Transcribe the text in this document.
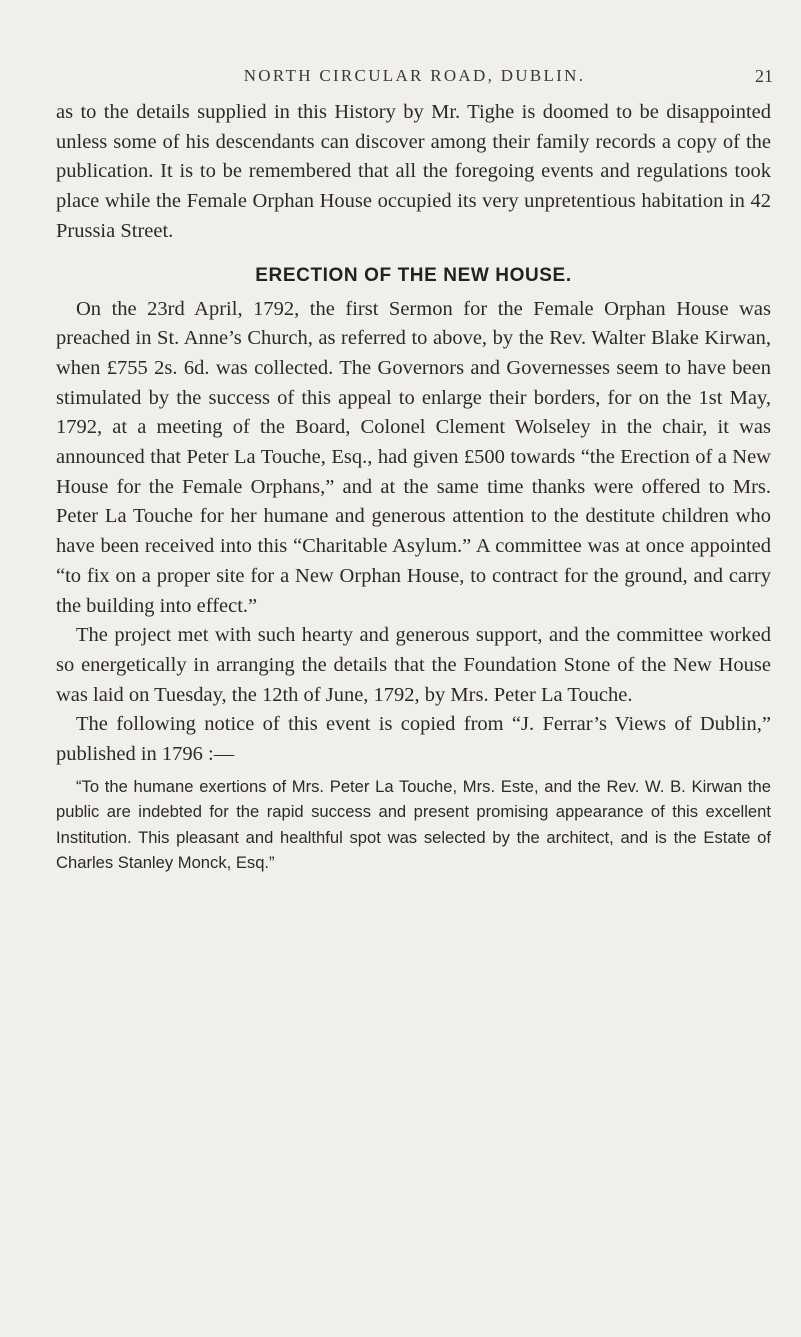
NORTH CIRCULAR ROAD, DUBLIN.	21

as to the details supplied in this History by Mr. Tighe is doomed to be disappointed unless some of his descendants can discover among their family records a copy of the publication. It is to be remembered that all the foregoing events and regulations took place while the Female Orphan House occupied its very unpretentious habitation in 42 Prussia Street.

ERECTION OF THE NEW HOUSE.

On the 23rd April, 1792, the first Sermon for the Female Orphan House was preached in St. Anne’s Church, as referred to above, by the Rev. Walter Blake Kirwan, when £755 2s. 6d. was collected. The Governors and Governesses seem to have been stimulated by the success of this appeal to enlarge their borders, for on the 1st May, 1792, at a meeting of the Board, Colonel Clement Wolseley in the chair, it was announced that Peter La Touche, Esq., had given £500 towards “the Erection of a New House for the Female Orphans,” and at the same time thanks were offered to Mrs. Peter La Touche for her humane and generous attention to the destitute children who have been received into this “Charitable Asylum.” A committee was at once appointed “to fix on a proper site for a New Orphan House, to contract for the ground, and carry the building into effect.”

The project met with such hearty and generous support, and the committee worked so energetically in arranging the details that the Foundation Stone of the New House was laid on Tuesday, the 12th of June, 1792, by Mrs. Peter La Touche.

The following notice of this event is copied from “J. Ferrar’s Views of Dublin,” published in 1796 :—

“To the humane exertions of Mrs. Peter La Touche, Mrs. Este, and the Rev. W. B. Kirwan the public are indebted for the rapid success and present promising appearance of this excellent Institution. This pleasant and healthful spot was selected by the architect, and is the Estate of Charles Stanley Monck, Esq.”
